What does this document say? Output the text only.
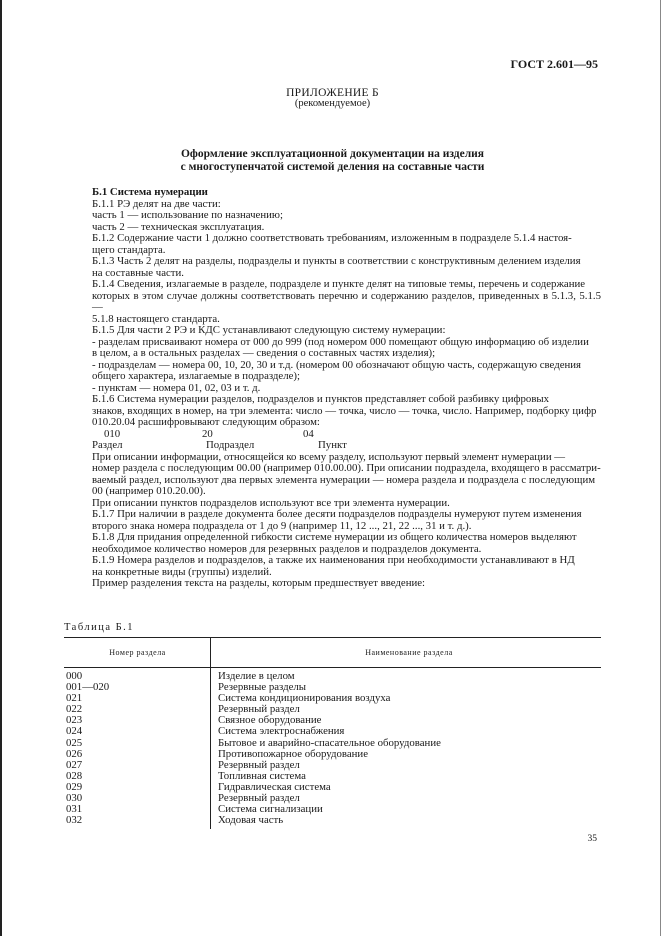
ГОСТ 2.601—95
ПРИЛОЖЕНИЕ Б
(рекомендуемое)
Оформление эксплуатационной документации на изделия
с многоступенчатой системой деления на составные части

Б.1 Система нумерации

Б.1.1 РЭ делят на две части:

часть 1 — использование по назначению;

часть 2 — техническая эксплуатация.

Б.1.2 Содержание части 1 должно соответствовать требованиям, изложенным в подразделе 5.1.4 настоя-

щего стандарта.

Б.1.3 Часть 2 делят на разделы, подразделы и пункты в соответствии с конструктивным делением изделия

на составные части.

Б.1.4 Сведения, излагаемые в разделе, подразделе и пункте делят на типовые темы, перечень и содержание

которых в этом случае должны соответствовать перечню и содержанию разделов, приведенных в 5.1.3, 5.1.5 —

5.1.8 настоящего стандарта.

Б.1.5 Для части 2 РЭ и КДС устанавливают следующую систему нумерации:

- разделам присваивают номера от 000 до 999 (под номером 000 помещают общую информацию об изделии

в целом, а в остальных разделах — сведения о составных частях изделия);

- подразделам — номера 00, 10, 20, 30 и т.д. (номером 00 обозначают общую часть, содержащую сведения

общего характера, излагаемые в подразделе);

- пунктам — номера 01, 02, 03 и т. д.

Б.1.6 Система нумерации разделов, подразделов и пунктов представляет собой разбивку цифровых

знаков, входящих в номер, на три элемента: число — точка, число — точка, число. Например, подборку цифр

010.20.04 расшифровывают следующим образом:

010	20	04
Раздел	Подраздел	Пункт

При описании информации, относящейся ко всему разделу, используют первый элемент нумерации —

номер раздела с последующим 00.00 (например 010.00.00). При описании подраздела, входящего в рассматри-

ваемый раздел, используют два первых элемента нумерации — номера раздела и подраздела с последующим

00 (например 010.20.00).

При описании пунктов подразделов используют все три элемента нумерации.

Б.1.7 При наличии в разделе документа более десяти подразделов подразделы нумеруют путем изменения

второго знака номера подраздела от 1 до 9 (например 11, 12 ..., 21, 22 ..., 31 и т. д.).

Б.1.8 Для придания определенной гибкости системе нумерации из общего количества номеров выделяют

необходимое количество номеров для резервных разделов и подразделов документа.

Б.1.9 Номера разделов и подразделов, а также их наименования при необходимости устанавливают в НД

на конкретные виды (группы) изделий.

Пример разделения текста на разделы, которым предшествует введение:

Таблица Б.1
Номер раздела	Наименование раздела
000	Изделие в целом
001—020	Резервные разделы
021	Система кондиционирования воздуха
022	Резервный раздел
023	Связное оборудование
024	Система электроснабжения
025	Бытовое и аварийно-спасательное оборудование
026	Противопожарное оборудование
027	Резервный раздел
028	Топливная система
029	Гидравлическая система
030	Резервный раздел
031	Система сигнализации
032	Ходовая часть
35
